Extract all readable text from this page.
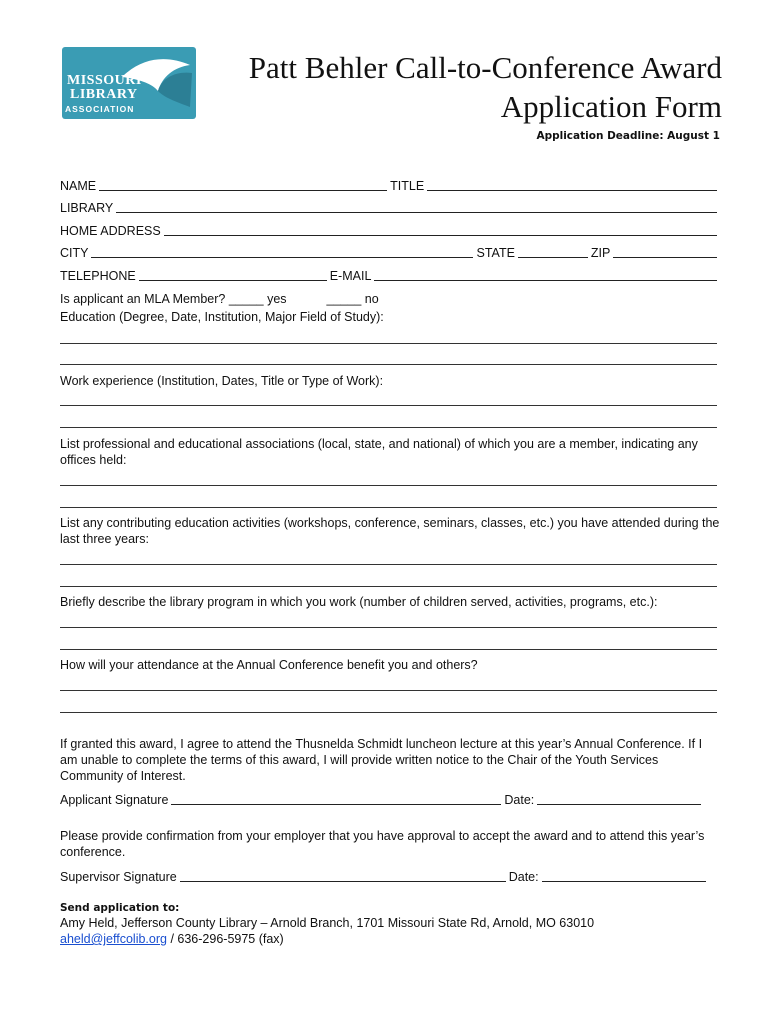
MISSOURI
LIBRARY
ASSOCIATION
Patt Behler Call-to-Conference Award
Application Form
Application Deadline: August 1
NAME	TITLE
LIBRARY
HOME ADDRESS
CITY	STATE	ZIP
TELEPHONE	E-MAIL
Is applicant an MLA Member? _____ yes	_____ no
Education (Degree, Date, Institution, Major Field of Study):
Work experience (Institution, Dates, Title or Type of Work):
List professional and educational associations (local, state, and national) of which you are a member, indicating any offices held:
List any contributing education activities (workshops, conference, seminars, classes, etc.) you have attended during the last three years:
Briefly describe the library program in which you work (number of children served, activities, programs, etc.):
How will your attendance at the Annual Conference benefit you and others?
If granted this award, I agree to attend the Thusnelda Schmidt luncheon lecture at this year’s Annual Conference. If I am unable to complete the terms of this award, I will provide written notice to the Chair of the Youth Services Community of Interest.
Applicant Signature	Date:
Please provide confirmation from your employer that you have approval to accept the award and to attend this year’s conference.
Supervisor Signature	Date:
Send application to:
Amy Held, Jefferson County Library – Arnold Branch, 1701 Missouri State Rd, Arnold, MO 63010
aheld@jeffcolib.org / 636-296-5975 (fax)
